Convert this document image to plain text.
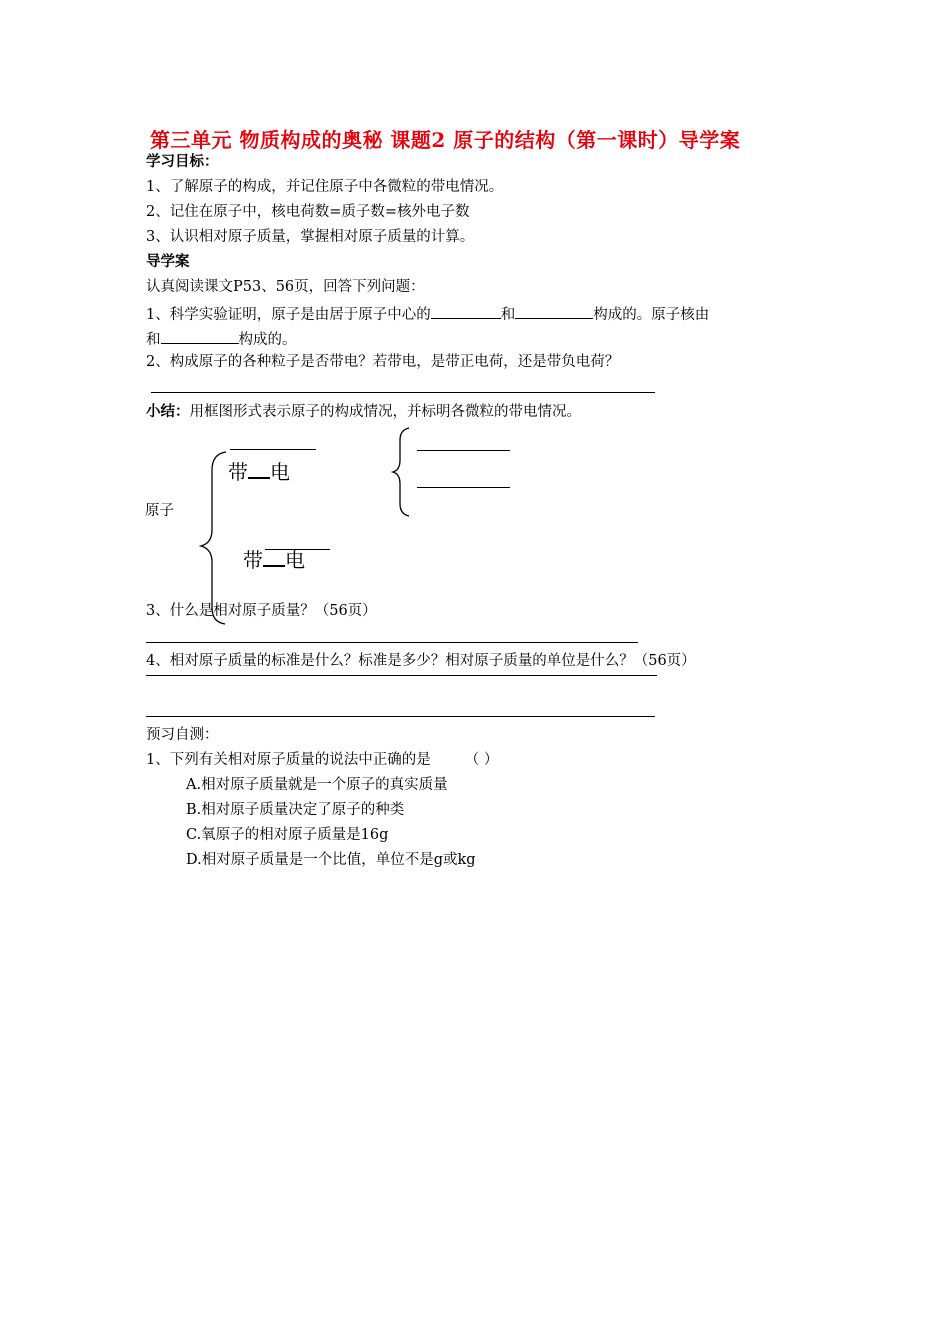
第三单元 物质构成的奥秘 课题2 原子的结构（第一课时）导学案
学习目标：
1、了解原子的构成，并记住原子中各微粒的带电情况。
2、记住在原子中，核电荷数=质子数=核外电子数
3、认识相对原子质量，掌握相对原子质量的计算。
导学案
认真阅读课文P53、56页，回答下列问题：
1、科学实验证明，原子是由居于原子中心的	和	构成的。原子核由
和	构成的。
2、构成原子的各种粒子是否带电？若带电，是带正电荷，还是带负电荷？
小结：用框图形式表示原子的构成情况，并标明各微粒的带电情况。
原子
带 电
带 电
3、什么是相对原子质量？（56页）
4、相对原子质量的标准是什么？标准是多少？相对原子质量的单位是什么？（56页）
预习自测：
1、下列有关相对原子质量的说法中正确的是 （ ）
A.相对原子质量就是一个原子的真实质量
B.相对原子质量决定了原子的种类
C.氧原子的相对原子质量是16g
D.相对原子质量是一个比值，单位不是g或kg
